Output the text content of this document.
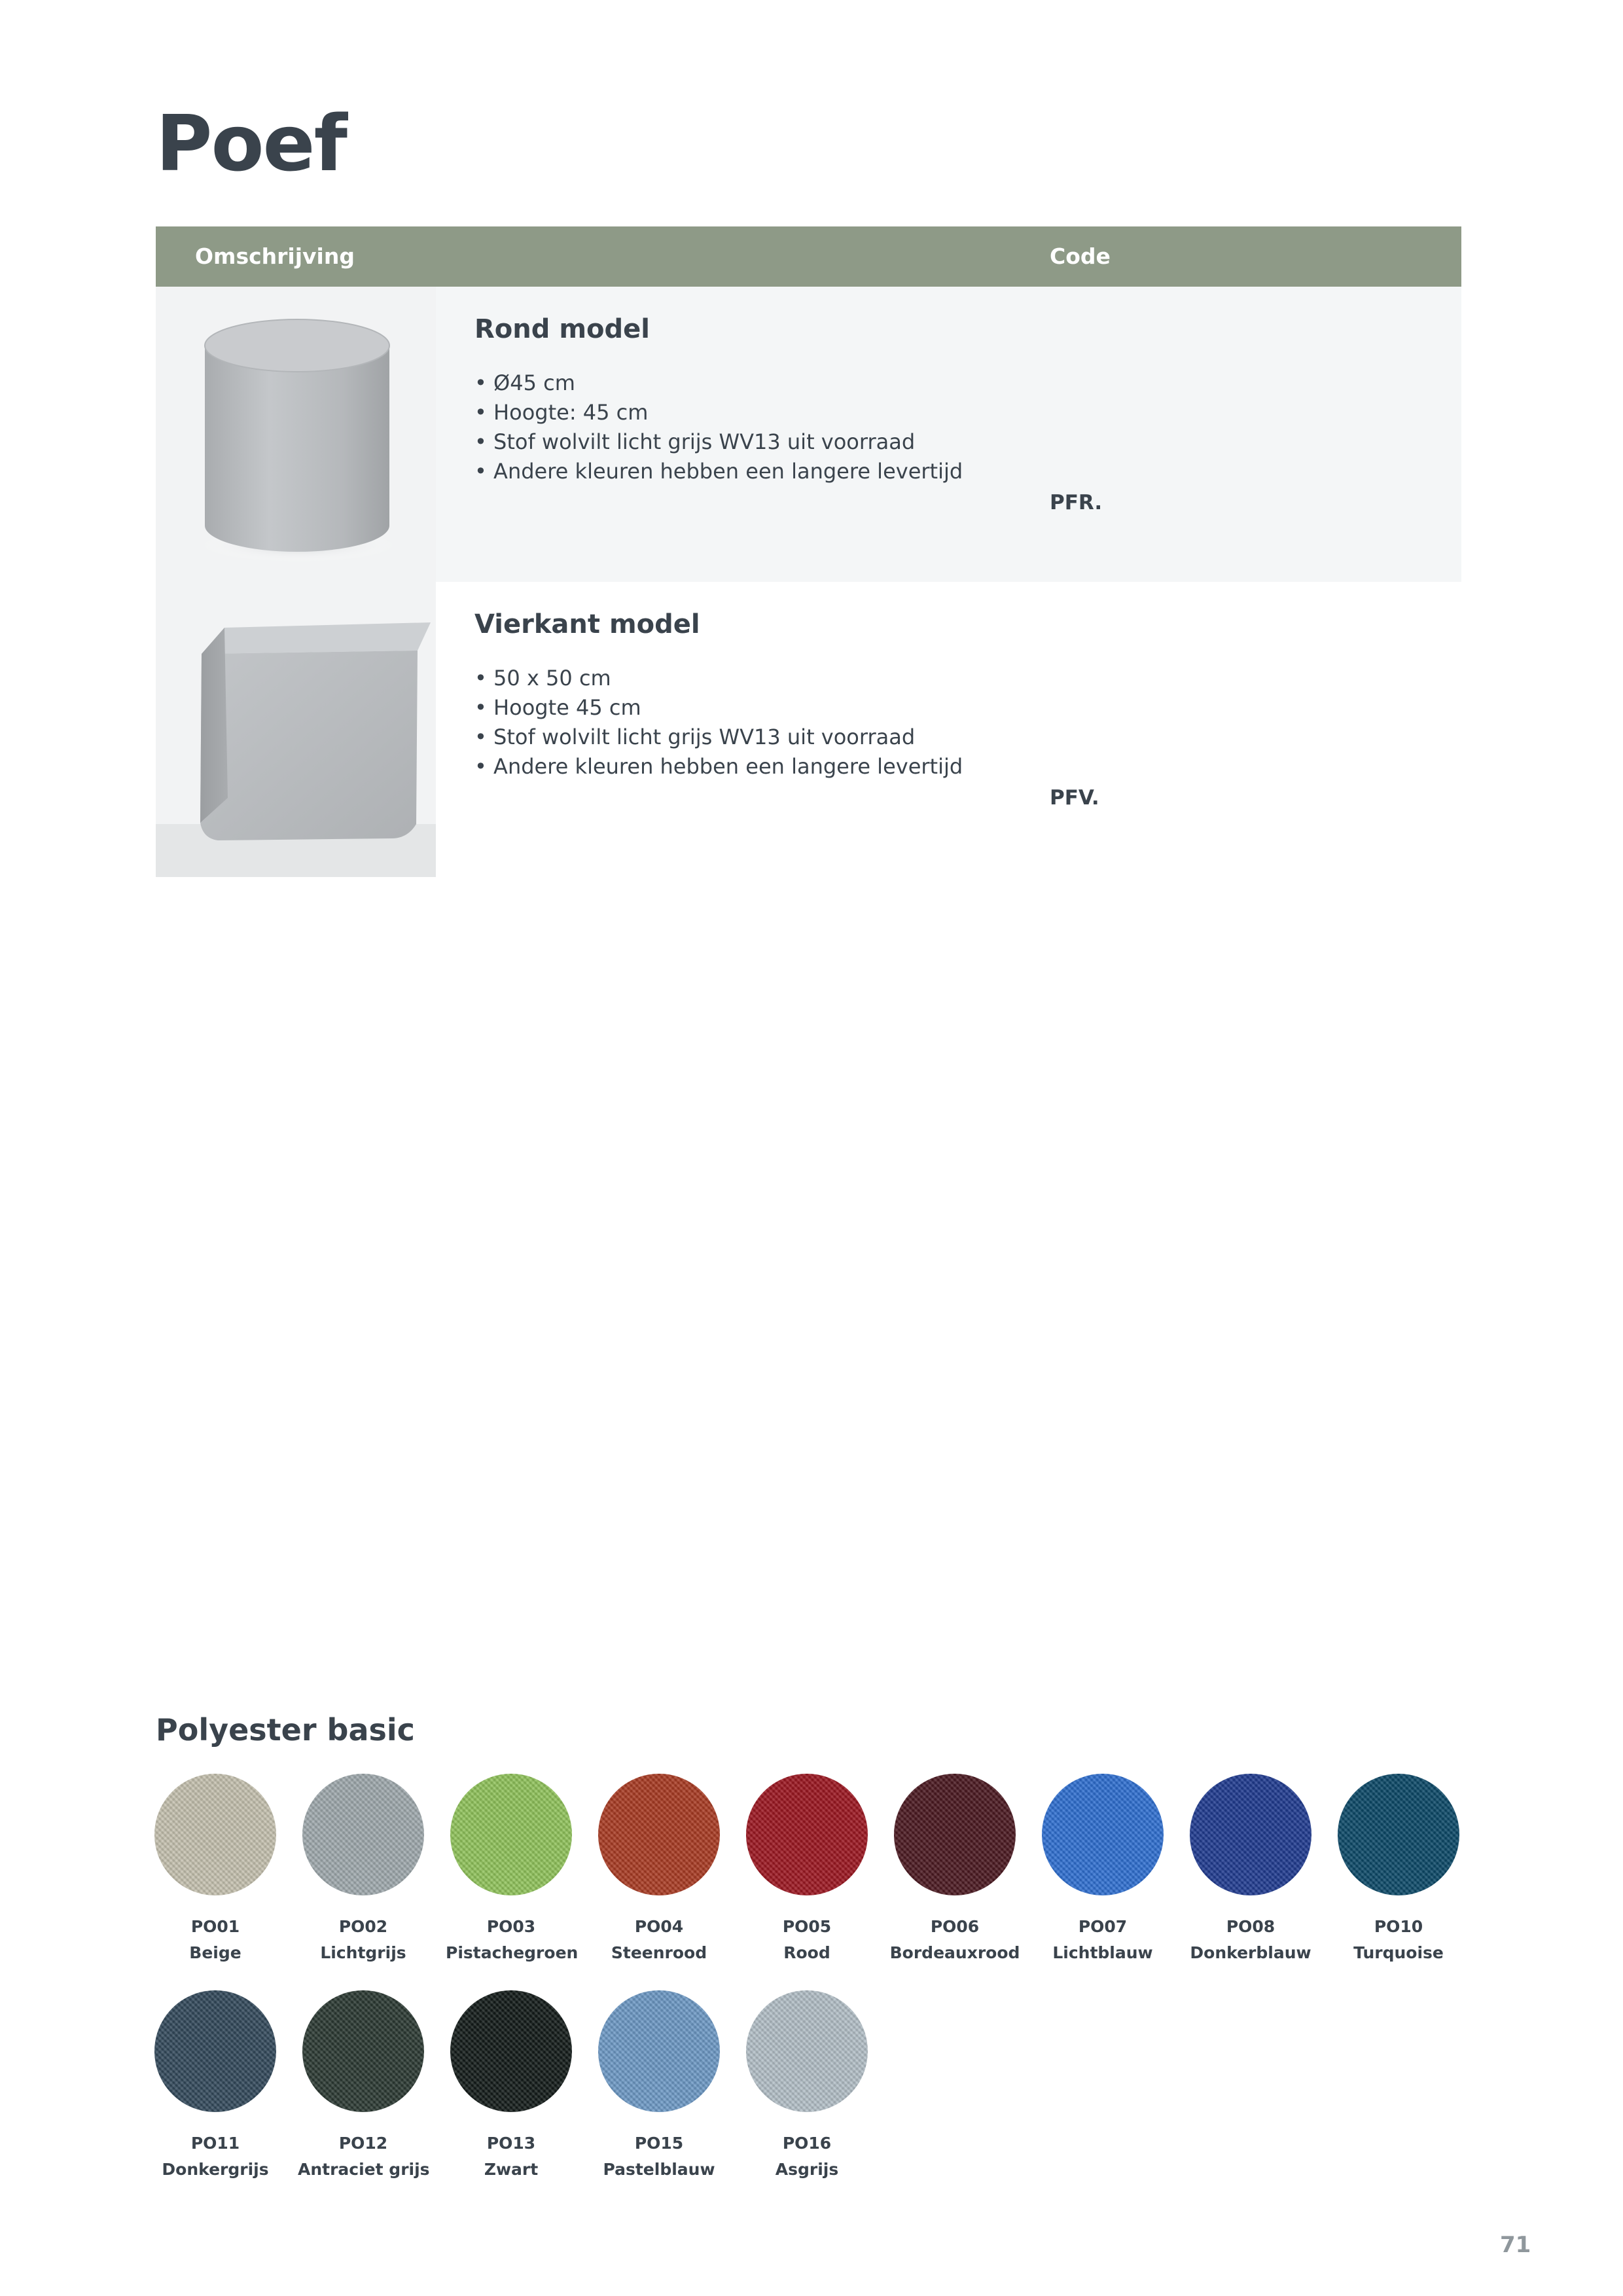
Poef
Omschrijving	Code
Rond model
• Ø45 cm
• Hoogte: 45 cm
• Stof wolvilt licht grijs WV13 uit voorraad
• Andere kleuren hebben een langere levertijd
PFR.
Vierkant model
• 50 x 50 cm
• Hoogte 45 cm
• Stof wolvilt licht grijs WV13 uit voorraad
• Andere kleuren hebben een langere levertijd
PFV.
Polyester basic
PO01
Beige
PO02
Lichtgrijs
PO03
Pistachegroen
PO04
Steenrood
PO05
Rood
PO06
Bordeauxrood
PO07
Lichtblauw
PO08
Donkerblauw
PO10
Turquoise
PO11
Donkergrijs
PO12
Antraciet grijs
PO13
Zwart
PO15
Pastelblauw
PO16
Asgrijs
71
